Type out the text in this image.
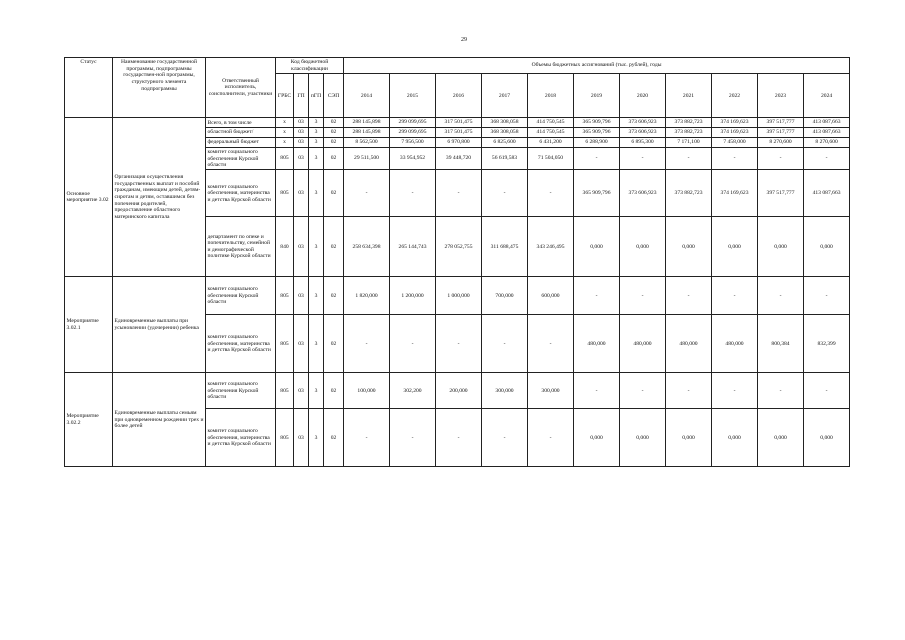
29
Статус	Наименование государственной программы, подпрограммы государствен-ной программы, структурного элемента подпрограммы	Ответственный исполнитель, соисполнители, участники	Код бюджетной классификации				Объемы бюджетных ассигнований (тыс. рублей), годы										
			ГРБС	ГП	пГП	СЭП	2014	2015	2016	2017	2018	2019	2020	2021	2022	2023	2024
Основное мероприятие 3.02	Организация осуществления государственных выплат и пособий гражданам, имеющим детей, детям-сиротам и детям, оставшимся без попечения родителей, предоставление областного материнского капитала	Всего, в том числе	х	03	3	02	288 145,898	299 099,695	317 501,475	368 308,058	414 750,545	365 909,796	373 606,923	373 882,723	374 169,623	397 517,777	413 087,663
		областной бюджет/	х	03	3	02	288 145,898	299 099,695	317 501,475	368 308,058	414 750,545	365 909,796	373 606,923	373 882,723	374 169,623	397 517,777	413 087,663
		федеральный бюджет	х	03	3	02	8 562,500	7 956,500	6 970,800	6 825,600	6 431,200	6 288,900	6 895,300	7 171,100	7 458,000	8 270,600	8 270,600
		комитет социального обеспечения Курской области	805	03	3	02	29 511,500	33 954,952	39 448,720	56 619,583	71 504,050	-	-	-	-	-	-
		комитет социального обеспечения, материнства и детства Курской области	805	03	3	02	-	-	-	-	-	365 909,796	373 606,923	373 882,723	374 169,623	397 517,777	413 087,663
		департамент по опеке и попечительству, семейной и демографической политике Курской области	840	03	3	02	258 634,398	265 144,743	278 052,755	311 688,475	343 246,495	0,000	0,000	0,000	0,000	0,000	0,000
Мероприятие 3.02.1	Единовременные выплаты при усыновлении (удочерении) ребенка	комитет социального обеспечения Курской области	805	03	3	02	1 820,000	1 200,000	1 000,000	700,000	600,000	-	-	-	-	-	-
		комитет социального обеспечения, материнства и детства Курской области	805	03	3	02	-	-	-	-	-	480,000	480,000	480,000	480,000	800,384	832,399
Мероприятие 3.02.2	Единовременные выплаты семьям при одновременном рождении трех и более детей	комитет социального обеспечения Курской области	805	03	3	02	100,000	302,200	200,000	300,000	300,000	-	-	-	-	-	-
		комитет социального обеспечения, материнства и детства Курской области	805	03	3	02	-	-	-	-	-	0,000	0,000	0,000	0,000	0,000	0,000
